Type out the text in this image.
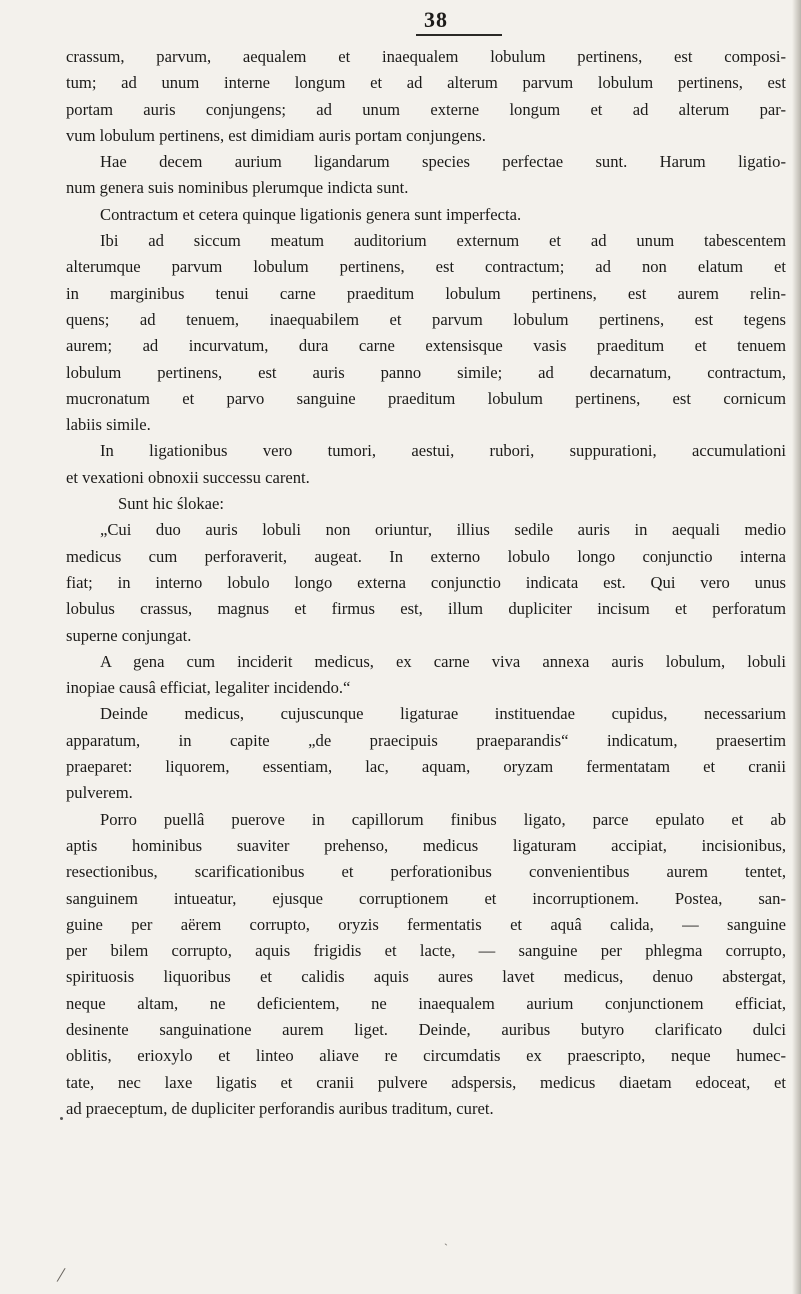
38
crassum, parvum, aequalem et inaequalem lobulum pertinens, est composi-
tum; ad unum interne longum et ad alterum parvum lobulum pertinens, est
portam auris conjungens; ad unum externe longum et ad alterum par-
vum lobulum pertinens, est dimidiam auris portam conjungens.
Hae decem aurium ligandarum species perfectae sunt. Harum ligatio-
num genera suis nominibus plerumque indicta sunt.
Contractum et cetera quinque ligationis genera sunt imperfecta.
Ibi ad siccum meatum auditorium externum et ad unum tabescentem
alterumque parvum lobulum pertinens, est contractum; ad non elatum et
in marginibus tenui carne praeditum lobulum pertinens, est aurem relin-
quens; ad tenuem, inaequabilem et parvum lobulum pertinens, est tegens
aurem; ad incurvatum, dura carne extensisque vasis praeditum et tenuem
lobulum pertinens, est auris panno simile; ad decarnatum, contractum,
mucronatum et parvo sanguine praeditum lobulum pertinens, est cornicum
labiis simile.
In ligationibus vero tumori, aestui, rubori, suppurationi, accumulationi
et vexationi obnoxii successu carent.
Sunt hic ślokae:
„Cui duo auris lobuli non oriuntur, illius sedile auris in aequali medio
medicus cum perforaverit, augeat. In externo lobulo longo conjunctio interna
fiat; in interno lobulo longo externa conjunctio indicata est. Qui vero unus
lobulus crassus, magnus et firmus est, illum dupliciter incisum et perforatum
superne conjungat.
A gena cum inciderit medicus, ex carne viva annexa auris lobulum, lobuli
inopiae causâ efficiat, legaliter incidendo.“
Deinde medicus, cujuscunque ligaturae instituendae cupidus, necessarium
apparatum, in capite „de praecipuis praeparandis“ indicatum, praesertim
praeparet: liquorem, essentiam, lac, aquam, oryzam fermentatam et cranii
pulverem.
Porro puellâ puerove in capillorum finibus ligato, parce epulato et ab
aptis hominibus suaviter prehenso, medicus ligaturam accipiat, incisionibus,
resectionibus, scarificationibus et perforationibus convenientibus aurem tentet,
sanguinem intueatur, ejusque corruptionem et incorruptionem. Postea, san-
guine per aërem corrupto, oryzis fermentatis et aquâ calida, — sanguine
per bilem corrupto, aquis frigidis et lacte, — sanguine per phlegma corrupto,
spirituosis liquoribus et calidis aquis aures lavet medicus, denuo abstergat,
neque altam, ne deficientem, ne inaequalem aurium conjunctionem efficiat,
desinente sanguinatione aurem liget. Deinde, auribus butyro clarificato dulci
oblitis, erioxylo et linteo aliave re circumdatis ex praescripto, neque humec-
tate, nec laxe ligatis et cranii pulvere adspersis, medicus diaetam edoceat, et
ad praeceptum, de dupliciter perforandis auribus traditum, curet.
ˎ
/
